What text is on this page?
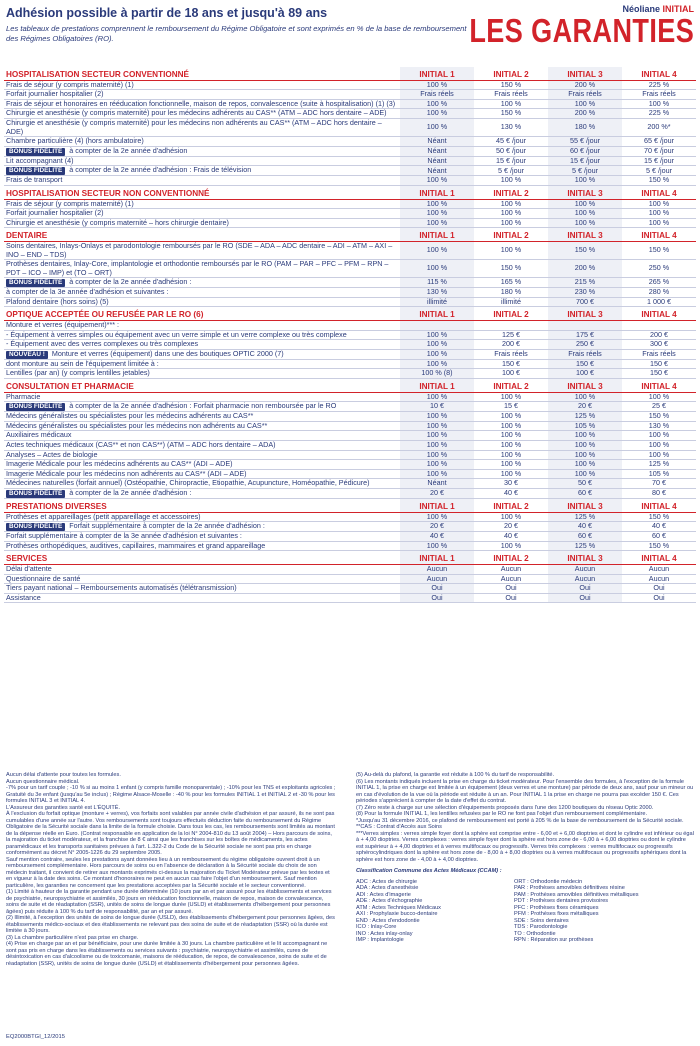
Adhésion possible à partir de 18 ans et jusqu'à 89 ans
Les tableaux de prestations comprennent le remboursement du Régime Obligatoire et sont exprimés en % de la base de remboursement des Régimes Obligatoires (RO).
Néoliane INITIAL
LES GARANTIES
HOSPITALISATION SECTEUR CONVENTIONNÉ	INITIAL 1	INITIAL 2	INITIAL 3	INITIAL 4
Frais de séjour (y compris maternité) (1)	100 %	150 %	200 %	225 %
Forfait journalier hospitalier (2)	Frais réels	Frais réels	Frais réels	Frais réels
Frais de séjour et honoraires en rééducation fonctionnelle, maison de repos, convalescence (suite à hospitalisation) (1) (3)	100 %	100 %	100 %	100 %
Chirurgie et anesthésie (y compris maternité) pour les médecins adhérents au CAS** (ATM – ADC hors dentaire – ADE)	100 %	150 %	200 %	225 %
Chirurgie et anesthésie (y compris maternité) pour les médecins non adhérents au CAS** (ATM – ADC hors dentaire – ADE)	100 %	130 %	180 %	200 %*
Chambre particulière (4) (hors ambulatoire)	Néant	45 € /jour	55 € /jour	65 € /jour
BONUS FIDÉLITÉ à compter de la 2e année d'adhésion	Néant	50 € /jour	60 € /jour	70 € /jour
Lit accompagnant (4)	Néant	15 € /jour	15 € /jour	15 € /jour
BONUS FIDÉLITÉ à compter de la 2e année d'adhésion : Frais de télévision	Néant	5 € /jour	5 € /jour	5 € /jour
Frais de transport	100 %	100 %	100 %	150 %
HOSPITALISATION SECTEUR NON CONVENTIONNÉ	INITIAL 1	INITIAL 2	INITIAL 3	INITIAL 4
Frais de séjour (y compris maternité) (1)	100 %	100 %	100 %	100 %
Forfait journalier hospitalier (2)	100 %	100 %	100 %	100 %
Chirurgie et anesthésie (y compris maternité – hors chirurgie dentaire)	100 %	100 %	100 %	100 %
DENTAIRE	INITIAL 1	INITIAL 2	INITIAL 3	INITIAL 4
Soins dentaires, Inlays-Onlays et parodontologie remboursés par le RO (SDE – ADA – ADC dentaire – ADI – ATM – AXI – INO – END – TDS)	100 %	100 %	150 %	150 %
Prothèses dentaires, Inlay-Core, implantologie et orthodontie remboursés par le RO (PAM – PAR – PFC – PFM – RPN – PDT – ICO – IMP) et (TO – ORT)	100 %	150 %	200 %	250 %
BONUS FIDÉLITÉ à compter de la 2e année d'adhésion :	115 %	165 %	215 %	265 %
à compter de la 3e année d'adhésion et suivantes :	130 %	180 %	230 %	280 %
Plafond dentaire (hors soins) (5)	illimité	illimité	700 €	1 000 €
OPTIQUE ACCEPTÉE OU REFUSÉE PAR LE RO (6)	INITIAL 1	INITIAL 2	INITIAL 3	INITIAL 4
Monture et verres (équipement)*** :				
- Équipement à verres simples ou équipement avec un verre simple et un verre complexe ou très complexe	100 %	125 €	175 €	200 €
- Équipement avec des verres complexes ou très complexes	100 %	200 €	250 €	300 €
NOUVEAU ! Monture et verres (équipement) dans une des boutiques OPTIC 2000 (7)	100 %	Frais réels	Frais réels	Frais réels
dont monture au sein de l'équipement limitée à :	100 %	150 €	150 €	150 €
Lentilles (par an) (y compris lentilles jetables)	100 % (8)	100 €	100 €	150 €
CONSULTATION ET PHARMACIE	INITIAL 1	INITIAL 2	INITIAL 3	INITIAL 4
Pharmacie	100 %	100 %	100 %	100 %
BONUS FIDÉLITÉ à compter de la 2e année d'adhésion : Forfait pharmacie non remboursée par le RO	10 €	15 €	20 €	25 €
Médecins généralistes ou spécialistes pour les médecins adhérents au CAS**	100 %	100 %	125 %	150 %
Médecins généralistes ou spécialistes pour les médecins non adhérents au CAS**	100 %	100 %	105 %	130 %
Auxiliaires médicaux	100 %	100 %	100 %	100 %
Actes techniques médicaux (CAS** et non CAS**) (ATM – ADC hors dentaire – ADA)	100 %	100 %	100 %	100 %
Analyses – Actes de biologie	100 %	100 %	100 %	100 %
Imagerie Médicale pour les médecins adhérents au CAS** (ADI – ADE)	100 %	100 %	100 %	125 %
Imagerie Médicale pour les médecins non adhérents au CAS** (ADI – ADE)	100 %	100 %	100 %	105 %
Médecines naturelles (forfait annuel) (Ostéopathie, Chiropractie, Etiopathie, Acupuncture, Homéopathie, Pédicure)	Néant	30 €	50 €	70 €
BONUS FIDÉLITÉ à compter de la 2e année d'adhésion :	20 €	40 €	60 €	80 €
PRESTATIONS DIVERSES	INITIAL 1	INITIAL 2	INITIAL 3	INITIAL 4
Prothèses et appareillages (petit appareillage et accessoires)	100 %	100 %	125 %	150 %
BONUS FIDÉLITÉ Forfait supplémentaire à compter de la 2e année d'adhésion :	20 €	20 €	40 €	40 €
Forfait supplémentaire à compter de la 3e année d'adhésion et suivantes :	40 €	40 €	60 €	60 €
Prothèses orthopédiques, auditives, capillaires, mammaires et grand appareillage	100 %	100 %	125 %	150 %
SERVICES	INITIAL 1	INITIAL 2	INITIAL 3	INITIAL 4
Délai d'attente	Aucun	Aucun	Aucun	Aucun
Questionnaire de santé	Aucun	Aucun	Aucun	Aucun
Tiers payant national – Remboursements automatisés (télétransmission)	Oui	Oui	Oui	Oui
Assistance	Oui	Oui	Oui	Oui

Aucun délai d'attente pour toutes les formules.

Aucun questionnaire médical.

-7% pour un tarif couple ; -10 % si au moins 1 enfant (y compris famille monoparentale) ; -10% pour les TNS et exploitants agricoles ; Gratuité du 3e enfant (jusqu'au 5e inclus) ; Régime Alsace-Moselle : -40 % pour les formules INITIAL 1 et INITIAL 2 et -30 % pour les formules INITIAL 3 et INITIAL 4.

L'Assureur des garanties santé est L'ÉQUITÉ.

À l'exclusion du forfait optique (monture + verres), vos forfaits sont valables par année civile d'adhésion et par assuré, ils ne sont pas cumulables d'une année sur l'autre. Vos remboursements sont toujours effectués déduction faite du remboursement du Régime Obligatoire de la Sécurité sociale dans la limite de la formule choisie. Dans tous les cas, les remboursements sont limités au montant de la dépense réelle en Euro. (Contrat responsable en application de la loi N° 2004-810 du 13 août 2004) – Hors parcours de soins, la majoration du ticket modérateur, et la franchise de 8 € ainsi que les franchises sur les boîtes de médicaments, les actes paramédicaux et les transports sanitaires prévues à l'art. L.322-2 du Code de la Sécurité sociale ne sont pas pris en charge conformément au décret N° 2005-1226 du 29 septembre 2005.

Sauf mention contraire, seules les prestations ayant données lieu à un remboursement du régime obligatoire ouvrent droit à un remboursement complémentaire. Hors parcours de soins ou en l'absence de déclaration à la Sécurité sociale du choix de son médecin traitant, il convient de retirer aux montants exprimés ci-dessus la majoration du Ticket Modérateur prévue par les textes et en vigueur à la date des soins. Ce montant d'honoraires ne peut en aucun cas faire l'objet d'un remboursement. Sauf mention particulière, les garanties ne concernent que les prestations acceptées par la Sécurité sociale et le secteur conventionné.

(1) Limité à hauteur de la garantie pendant une durée déterminée (10 jours par an et par assuré pour les établissements et services de psychiatrie, neuropsychiatrie et assimilés, 30 jours en rééducation fonctionnelle, maison de repos, maison de convalescence, soins de suite et de réadaptation (SSR), unités de soins de longue durée (USLD) et établissements d'hébergement pour personnes âgées) puis réduite à 100 % du tarif de responsabilité, par an et par assuré.

(2) Illimité, à l'exception des unités de soins de longue durée (USLD), des établissements d'hébergement pour personnes âgées, des établissements médico-sociaux et des établissements ne relevant pas des soins de suite et de réadaptation (SSR) où la durée est limitée à 30 jours.

(3) La chambre particulière n'est pas prise en charge.

(4) Prise en charge par an et par bénéficiaire, pour une durée limitée à 30 jours. La chambre particulière et le lit accompagnant ne sont pas pris en charge dans les établissements ou services suivants : psychiatrie, neuropsychiatrie et assimilés, cures de désintoxication en cas d'alcoolisme ou de toxicomanie, maisons de rééducation, de repos, de convalescence, soins de suite et de réadaptation (SSR), unités de soins de longue durée (USLD) et établissements d'hébergement pour personnes âgées.

(5) Au-delà du plafond, la garantie est réduite à 100 % du tarif de responsabilité.

(6) Les montants indiqués incluent la prise en charge du ticket modérateur. Pour l'ensemble des formules, à l'exception de la formule INITIAL 1, la prise en charge est limitée à un équipement (deux verres et une monture) par période de deux ans, sauf pour un mineur ou en cas d'évolution de la vue où la période est réduite à un an. Pour INITIAL 1 la prise en charge ne pourra pas excéder 150 €. Ces périodes s'apprécient à compter de la date d'effet du contrat.

(7) Zéro reste à charge sur une sélection d'équipements proposés dans l'une des 1200 boutiques du réseau Optic 2000.

(8) Pour la formule INITIAL 1, les lentilles refusées par le RO ne font pas l'objet d'un remboursement complémentaire.

*Jusqu'au 31 décembre 2016, ce plafond de remboursement est porté à 205 % de la base de remboursement de la Sécurité sociale.

**CAS : Contrat d'Accès aux Soins

***Verres simples : verres simple foyer dont la sphère est comprise entre - 6,00 et + 6,00 dioptries et dont le cylindre est inférieur ou égal à + 4,00 dioptries. Verres complexes : verres simple foyer dont la sphère est hors zone de - 6,00 à + 6,00 dioptries ou dont le cylindre est supérieur à + 4,00 dioptries et à verres multifocaux ou progressifs. Verres très complexes : verres multifocaux ou progressifs sphérocylindriques dont la sphère est hors zone de - 8,00 à + 8,00 dioptries ou à verres multifocaux ou progressifs sphériques dont la sphère est hors zone de - 4,00 à + 4,00 dioptries.

Classification Commune des Actes Médicaux (CCAM) :

ADC : Actes de chirurgie

ADA : Actes d'anesthésie

ADI : Actes d'imagerie

ADE : Actes d'échographie

ATM : Actes Techniques Médicaux

AXI : Prophylaxie bucco-dentaire

END : Actes d'endodontie

ICO : Inlay-Core

INO : Actes inlay-onlay

IMP : Implantologie

ORT : Orthodontie médecin

PAR : Prothèses amovibles définitives résine

PAM : Prothèses amovibles définitives métalliques

PDT : Prothèses dentaires provisoires

PFC : Prothèses fixes céramiques

PFM : Prothèses fixes métalliques

SDE : Soins dentaires

TDS : Parodontologie

TO : Orthodontie

RPN : Réparation sur prothèses

EQ2000BTGI_12/2015
